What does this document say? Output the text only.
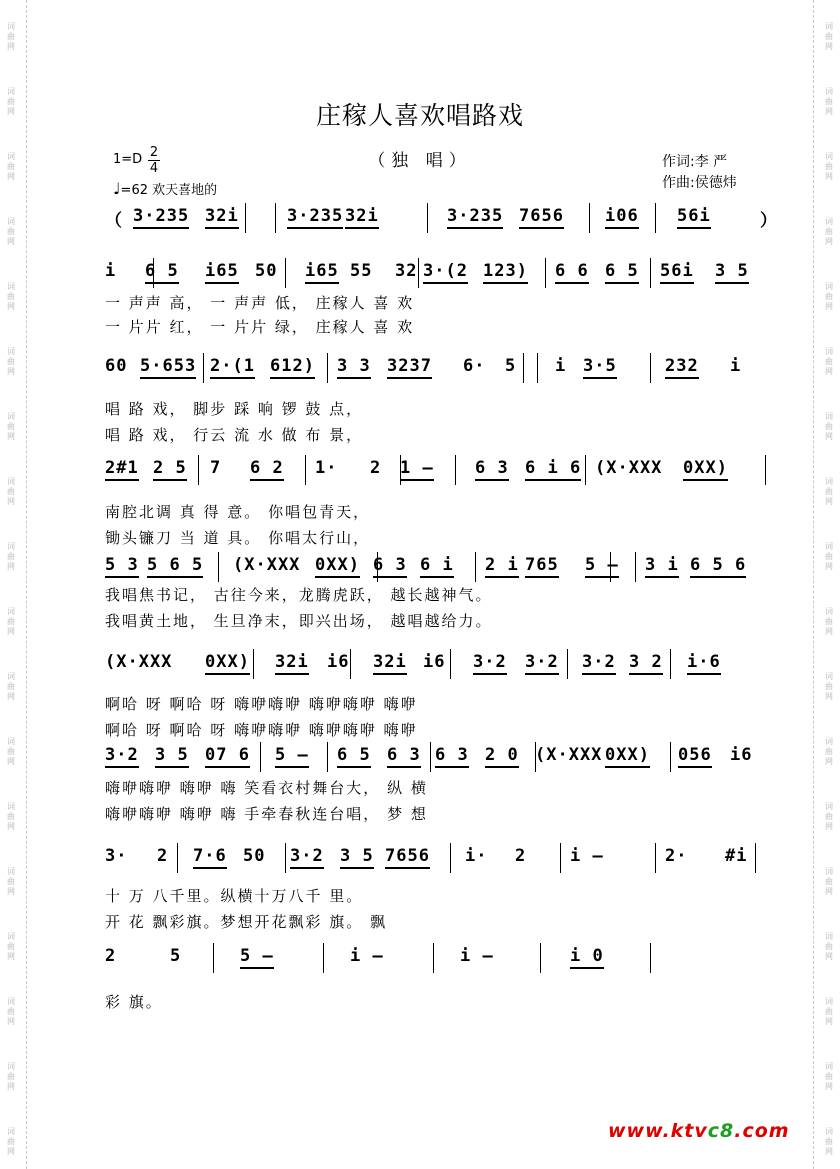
词曲网
词曲网
词曲网
词曲网
词曲网
词曲网
词曲网
词曲网
词曲网
词曲网
词曲网
词曲网
词曲网
词曲网
词曲网
词曲网
词曲网
词曲网
词曲网
词曲网
词曲网
词曲网
词曲网
词曲网
词曲网
词曲网
词曲网
词曲网
词曲网
词曲网
词曲网
词曲网
词曲网
词曲网
词曲网
词曲网
庄稼人喜欢唱路戏
（独 唱）
1=D 2
4
♩=62 欢天喜地的
作词:李 严
作曲:侯德炜
（ 3·235 32i	3·235 32i	3·235 7656 i06 56i	）
i 6 5 i65 50 i65 55 32 3·(2 123) 6 6 6 5 56i 3 5
60 5·653 2·(1 612) 3 3 3237 6· 5 i 3·5	232 i
2#1 2 5 7 6 2 1· 2 1 – 6 3 6 i 6 (X·XXX 0XX)
5 3 5 6 5 (X·XXX 0XX) 6 3 6 i 2 i 765 5 – 3 i 6 5 6
(X·XXX 0XX) 32i i6 32i i6 3·2 3·2 3·2 3 2 i·6
3·2 3 5 07 6 5 – 6 5 6 3 6 3 2 0 (X·XXX 0XX) 056 i6
3· 2 7·6 50 3·2 3 5 7656 i· 2	i –	2· #i
2	5	5 –	i –	i –	i 0
一 声声 高， 一 声声 低， 庄稼人 喜 欢
一 片片 红， 一 片片 绿， 庄稼人 喜 欢
唱 路 戏， 脚步 踩 响 锣 鼓 点，
唱 路 戏， 行云 流 水 做 布 景，
南腔北调 真 得 意。 你唱包青天，
锄头镰刀 当 道 具。 你唱太行山，
我唱焦书记， 古往今来，龙腾虎跃， 越长越神气。
我唱黄土地， 生旦净末，即兴出场， 越唱越给力。
啊哈 呀 啊哈 呀 嗨咿嗨咿 嗨咿嗨咿 嗨咿
啊哈 呀 啊哈 呀 嗨咿嗨咿 嗨咿嗨咿 嗨咿
嗨咿嗨咿 嗨咿 嗨 笑看衣村舞台大， 纵 横
嗨咿嗨咿 嗨咿 嗨 手牵春秋连台唱， 梦 想
十 万 八千里。纵横十万八千 里。
开 花 飘彩旗。梦想开花飘彩 旗。 飘
彩 旗。
www.ktvc8.com
